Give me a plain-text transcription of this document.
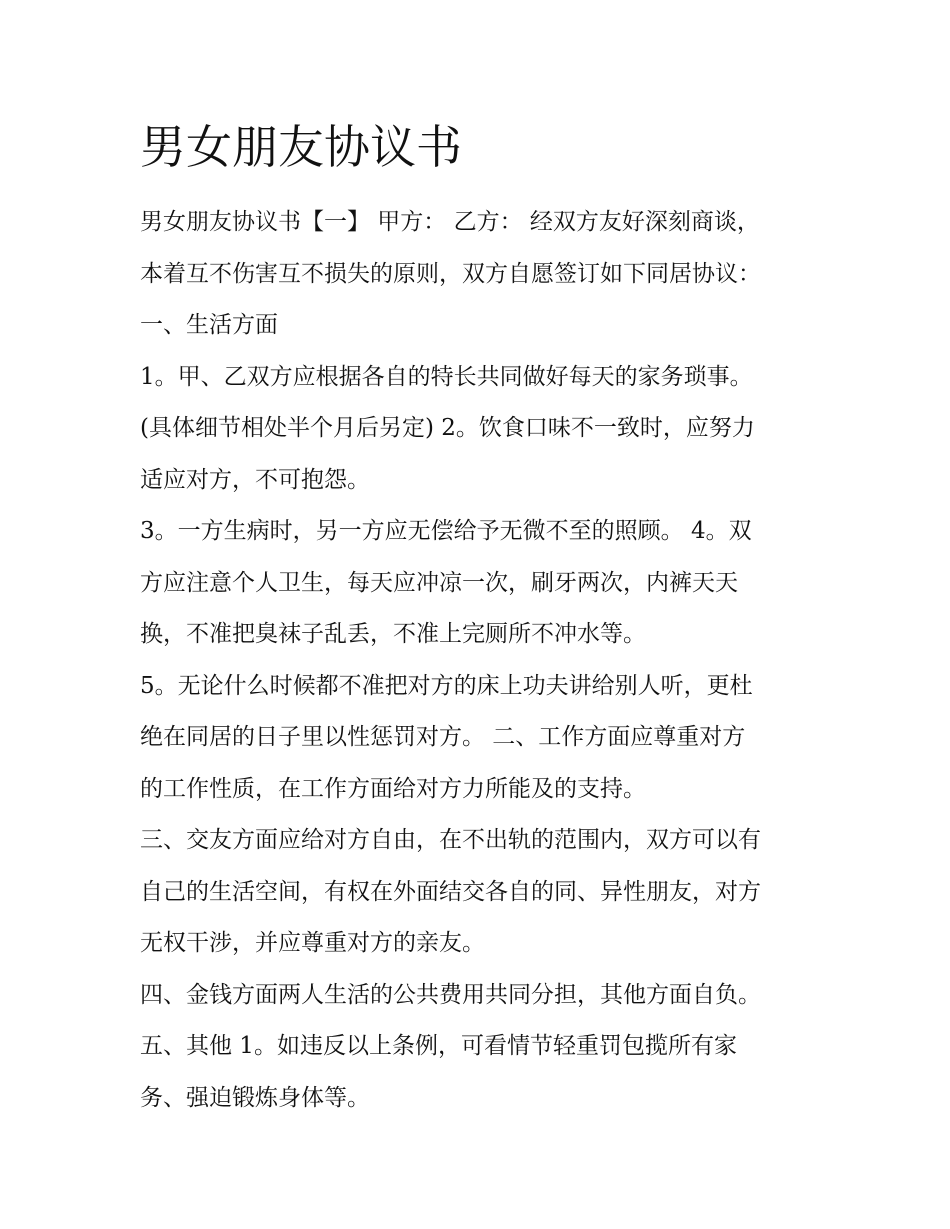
男女朋友协议书
男女朋友协议书【一】 甲方： 乙方： 经双方友好深刻商谈，
本着互不伤害互不损失的原则，双方自愿签订如下同居协议：
一、生活方面
1。甲、乙双方应根据各自的特长共同做好每天的家务琐事。
(具体细节相处半个月后另定) 2。饮食口味不一致时，应努力
适应对方，不可抱怨。
3。一方生病时，另一方应无偿给予无微不至的照顾。 4。双
方应注意个人卫生，每天应冲凉一次，刷牙两次，内裤天天
换，不准把臭袜子乱丢，不准上完厕所不冲水等。
5。无论什么时候都不准把对方的床上功夫讲给别人听，更杜
绝在同居的日子里以性惩罚对方。 二、工作方面应尊重对方
的工作性质，在工作方面给对方力所能及的支持。
三、交友方面应给对方自由，在不出轨的范围内，双方可以有
自己的生活空间，有权在外面结交各自的同、异性朋友，对方
无权干涉，并应尊重对方的亲友。
四、金钱方面两人生活的公共费用共同分担，其他方面自负。
五、其他 1。如违反以上条例，可看情节轻重罚包揽所有家
务、强迫锻炼身体等。
